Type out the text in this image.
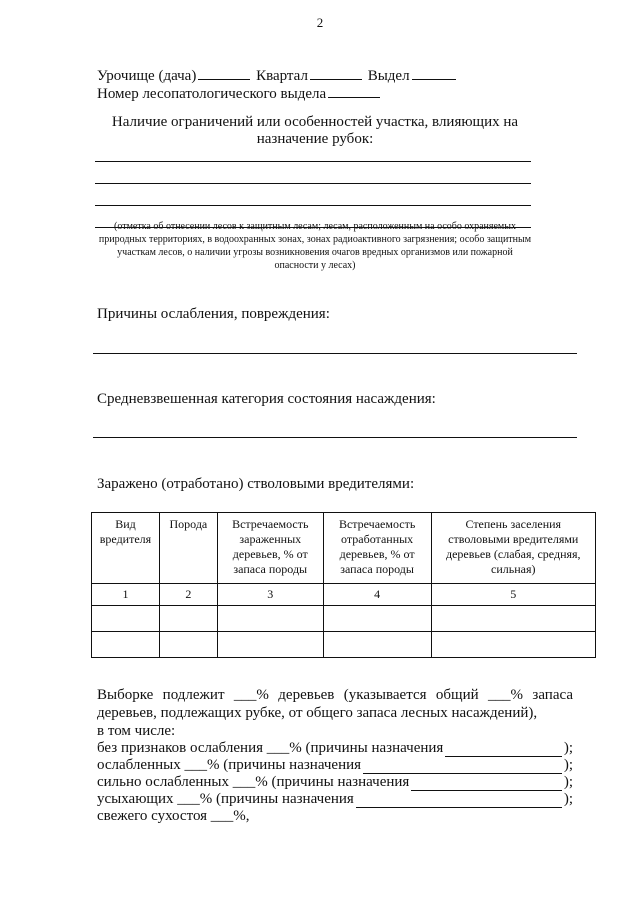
2
Урочище (дача)	Квартал	Выдел
Номер лесопатологического выдела
Наличие ограничений или особенностей участка, влияющих на
назначение рубок:
(отметка об отнесении лесов к защитным лесам; лесам, расположенным на особо охраняемых природных территориях, в водоохранных зонах, зонах радиоактивного загрязнения; особо защитным участкам лесов, о наличии угрозы возникновения очагов вредных организмов или пожарной опасности у лесах)
Причины ослабления, повреждения:
Средневзвешенная категория состояния насаждения:
Заражено (отработано) стволовыми вредителями:
Вид вредителя	Порода	Встречаемость зараженных деревьев, % от запаса породы	Встречаемость отработанных деревьев, % от запаса породы	Степень заселения стволовыми вредителями деревьев (слабая, средняя, сильная)
1	2	3	4	5

Выборке подлежит ___% деревьев (указывается общий ___% запаса
деревьев, подлежащих рубке, от общего запаса лесных насаждений),
в том числе:
без признаков ослабления ___% (причины назначения	);
ослабленных ___% (причины назначения	);
сильно ослабленных ___% (причины назначения	);
усыхающих ___% (причины назначения	);
свежего сухостоя ___%,
